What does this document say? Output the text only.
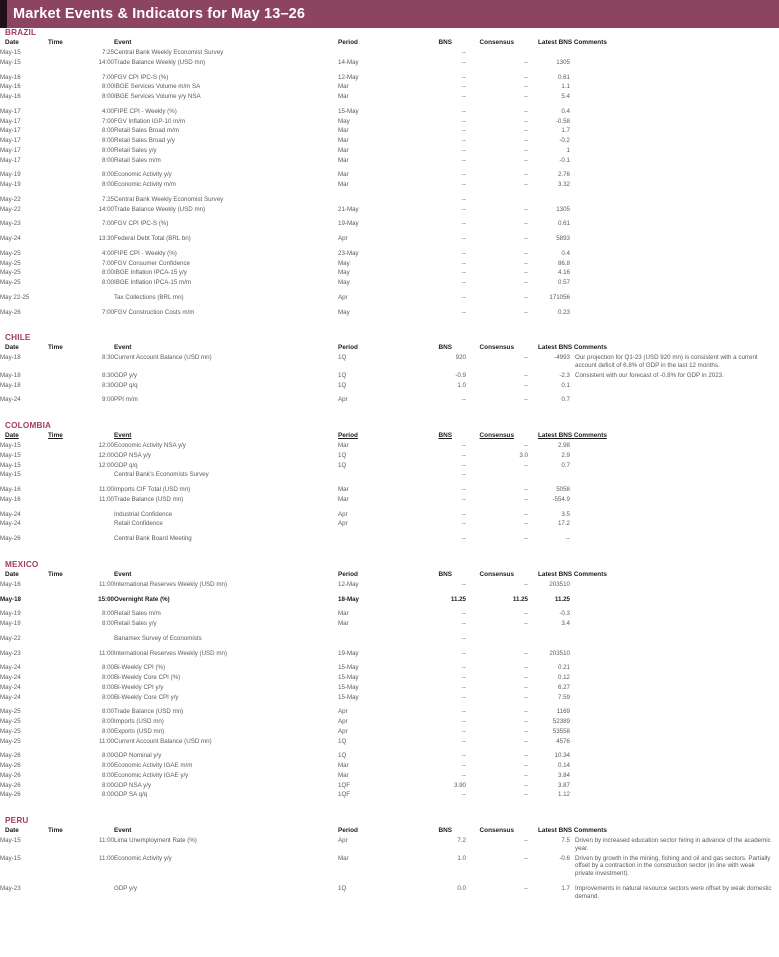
Market Events & Indicators for May 13–26
BRAZIL
Date	Time	Event	Period	BNS	Consensus	Latest BNS Comments
May-15	7:25	Central Bank Weekly Economist Survey		--		

May-15	14:00	Trade Balance Weekly (USD mn)	14-May	--	--	1305

May-16	7:00	FGV CPI IPC-S (%)	12-May	--	--	0.61

May-16	8:00	IBGE Services Volume m/m SA	Mar	--	--	1.1

May-16	8:00	IBGE Services Volume y/y NSA	Mar	--	--	5.4

May-17	4:00	FIPE CPI - Weekly (%)	15-May	--	--	0.4

May-17	7:00	FGV Inflation IGP-10 m/m	May	--	--	-0.58

May-17	8:00	Retail Sales Broad m/m	Mar	--	--	1.7

May-17	8:00	Retail Sales Broad y/y	Mar	--	--	-0.2

May-17	8:00	Retail Sales y/y	Mar	--	--	1

May-17	8:00	Retail Sales m/m	Mar	--	--	-0.1

May-19	8:00	Economic Activity y/y	Mar	--	--	2.76

May-19	8:00	Economic Activity m/m	Mar	--	--	3.32

May-22	7:25	Central Bank Weekly Economist Survey		--		

May-22	14:00	Trade Balance Weekly (USD mn)	21-May	--	--	1305

May-23	7:00	FGV CPI IPC-S (%)	19-May	--	--	0.61

May-24	13:30	Federal Debt Total (BRL bn)	Apr	--	--	5893

May-25	4:00	FIPE CPI - Weekly (%)	23-May	--	--	0.4

May-25	7:00	FGV Consumer Confidence	May	--	--	86.8

May-25	8:00	IBGE Inflation IPCA-15 y/y	May	--	--	4.16

May-25	8:00	IBGE Inflation IPCA-15 m/m	May	--	--	0.57

May 22-25		Tax Collections (BRL mn)	Apr	--	--	171056

May-26	7:00	FGV Construction Costs m/m	May	--	--	0.23
CHILE
Date	Time	Event	Period	BNS	Consensus	Latest BNS Comments
May-18	8:30	Current Account Balance (USD mn)	1Q	920	--	-4993 Our projection for Q1-23 (USD 920 mn) is consistent with a current account deficit of 6.8% of GDP in the last 12 months.

May-18	8:30	GDP y/y	1Q	-0.9	--	-2.3 Consistent with our forecast of -0.8% for GDP in 2023.

May-18	8:30	GDP q/q	1Q	1.0	--	0.1

May-24	9:00	PPI m/m	Apr	--	--	0.7
COLOMBIA
Date	Time	Event	Period	BNS	Consensus	Latest BNS Comments
May-15	12:00	Economic Activity NSA y/y	Mar	--	--	2.98

May-15	12:00	GDP NSA y/y	1Q	--	3.0	2.9

May-15	12:00	GDP q/q	1Q	--	--	0.7

May-15		Central Bank's Economists Survey		--		

May-16	11:00	Imports CIF Total (USD mn)	Mar	--	--	5058

May-16	11:00	Trade Balance (USD mn)	Mar	--	--	-554.9

May-24		Industrial Confidence	Apr	--	--	3.5

May-24		Retail Confidence	Apr	--	--	17.2

May-26		Central Bank Board Meeting		--	--	--
MEXICO
Date	Time	Event	Period	BNS	Consensus	Latest BNS Comments
May-16	11:00	International Reserves Weekly (USD mn)	12-May	--	--	203510

May-18	15:00	Overnight Rate (%)	18-May	11.25	11.25	11.25

May-19	8:00	Retail Sales m/m	Mar	--	--	-0.3

May-19	8:00	Retail Sales y/y	Mar	--	--	3.4

May-22		Banamex Survey of Economists		--		

May-23	11:00	International Reserves Weekly (USD mn)	19-May	--	--	203510

May-24	8:00	Bi-Weekly CPI (%)	15-May	--	--	0.21

May-24	8:00	Bi-Weekly Core CPI (%)	15-May	--	--	0.12

May-24	8:00	Bi-Weekly CPI y/y	15-May	--	--	6.27

May-24	8:00	Bi-Weekly Core CPI y/y	15-May	--	--	7.59

May-25	8:00	Trade Balance (USD mn)	Apr	--	--	1169

May-25	8:00	Imports (USD mn)	Apr	--	--	52389

May-25	8:00	Exports (USD mn)	Apr	--	--	53558

May-25	11:00	Current Account Balance (USD mn)	1Q	--	--	4576

May-26	8:00	GDP Nominal y/y	1Q	--	--	10.34

May-26	8:00	Economic Activity IGAE m/m	Mar	--	--	0.14

May-26	8:00	Economic Activity IGAE y/y	Mar	--	--	3.84

May-26	8:00	GDP NSA y/y	1QF	3.90	--	3.87

May-26	8:00	GDP SA q/q	1QF	--	--	1.12
PERU
Date	Time	Event	Period	BNS	Consensus	Latest BNS Comments
May-15	11:00	Lima Unemployment Rate (%)	Apr	7.2	--	7.5 Driven by increased education sector hiring in advance of the academic year.

May-15	11:00	Economic Activity y/y	Mar	1.0	--	-0.6 Driven by growth in the mining, fishing and oil and gas sectors. Partially offset by a contraction in the construction sector (in line with weak private investment).

May-23		GDP y/y	1Q	0.0	--	1.7 Improvements in natural resource sectors were offset by weak domestic demand.
